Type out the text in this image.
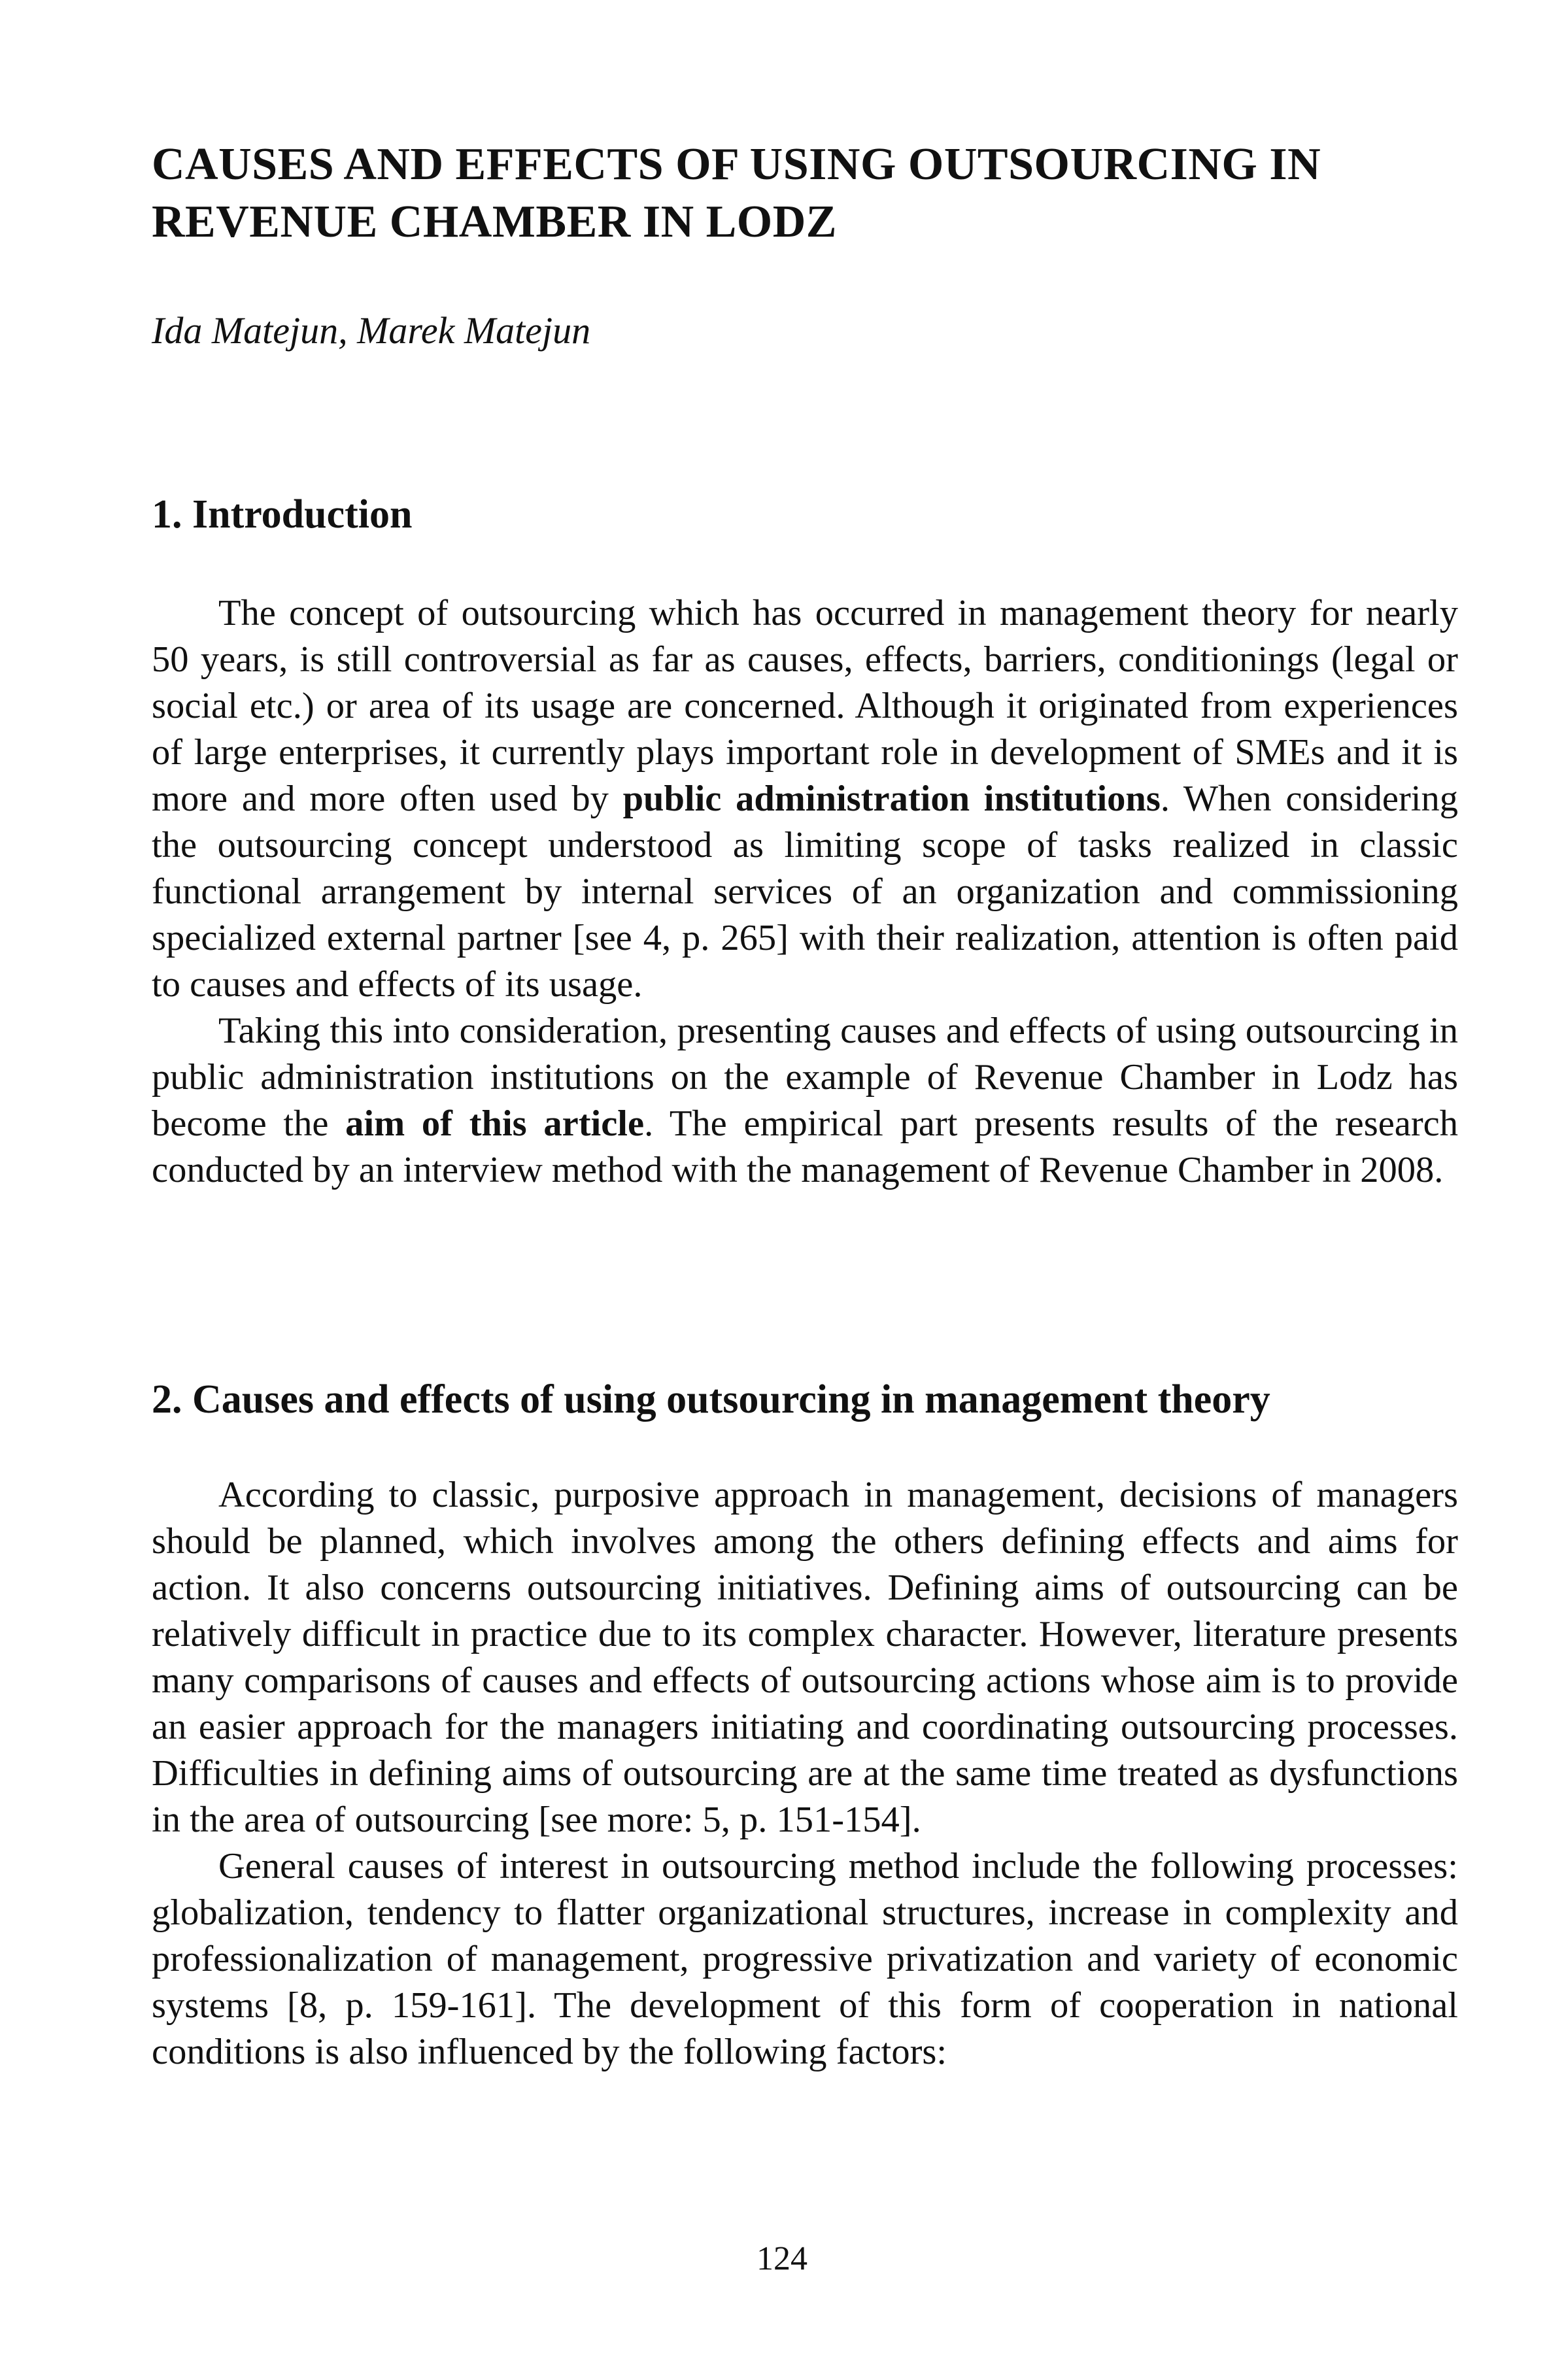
CAUSES AND EFFECTS OF USING OUTSOURCING IN REVENUE CHAMBER IN LODZ

Ida Matejun, Marek Matejun

1. Introduction

The concept of outsourcing which has occurred in management theory for nearly 50 years, is still controversial as far as causes, effects, barriers, conditionings (legal or social etc.) or area of its usage are concerned. Although it originated from experiences of large enterprises, it currently plays important role in development of SMEs and it is more and more often used by public administration institutions. When considering the outsourcing concept understood as limiting scope of tasks realized in classic functional arrangement by internal services of an organization and commissioning specialized external partner [see 4, p. 265] with their realization, attention is often paid to causes and effects of its usage.

Taking this into consideration, presenting causes and effects of using outsourcing in public administration institutions on the example of Revenue Chamber in Lodz has become the aim of this article. The empirical part presents results of the research conducted by an interview method with the management of Revenue Chamber in 2008.

2. Causes and effects of using outsourcing in management theory

According to classic, purposive approach in management, decisions of managers should be planned, which involves among the others defining effects and aims for action. It also concerns outsourcing initiatives. Defining aims of outsourcing can be relatively difficult in practice due to its complex character. However, literature presents many comparisons of causes and effects of outsourcing actions whose aim is to provide an easier approach for the managers initiating and coordinating outsourcing processes. Difficulties in defining aims of outsourcing are at the same time treated as dysfunctions in the area of outsourcing [see more: 5, p. 151-154].

General causes of interest in outsourcing method include the following processes: globalization, tendency to flatter organizational structures, increase in complexity and professionalization of management, progressive privatization and variety of economic systems [8, p. 159-161]. The development of this form of cooperation in national conditions is also influenced by the following factors:

124
